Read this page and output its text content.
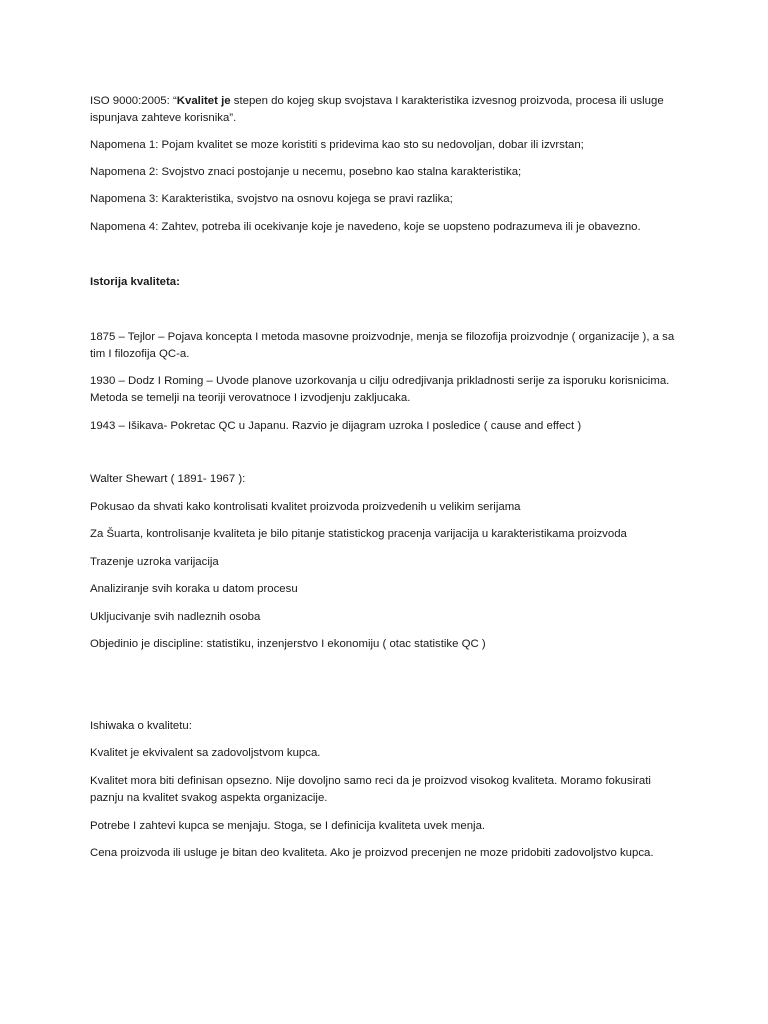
ISO 9000:2005: “Kvalitet je stepen do kojeg skup svojstava I karakteristika izvesnog proizvoda, procesa ili usluge
ispunjava zahteve korisnika”.
Napomena 1: Pojam kvalitet se moze koristiti s pridevima kao sto su nedovoljan, dobar ili izvrstan;
Napomena 2: Svojstvo znaci postojanje u necemu, posebno kao stalna karakteristika;
Napomena 3: Karakteristika, svojstvo na osnovu kojega se pravi razlika;
Napomena 4: Zahtev, potreba ili ocekivanje koje je navedeno, koje se uopsteno podrazumeva ili je obavezno.
Istorija kvaliteta:
1875 – Tejlor – Pojava koncepta I metoda masovne proizvodnje, menja se filozofija proizvodnje ( organizacije ), a sa
tim I filozofija QC-a.
1930 – Dodz I Roming – Uvode planove uzorkovanja u cilju odredjivanja prikladnosti serije za isporuku korisnicima.
Metoda se temelji na teoriji verovatnoce I izvodjenju zakljucaka.
1943 – Išikava- Pokretac QC u Japanu. Razvio je dijagram uzroka I posledice ( cause and effect )
Walter Shewart ( 1891- 1967 ):
Pokusao da shvati kako kontrolisati kvalitet proizvoda proizvedenih u velikim serijama
Za Šuarta, kontrolisanje kvaliteta je bilo pitanje statistickog pracenja varijacija u karakteristikama proizvoda
Trazenje uzroka varijacija
Analiziranje svih koraka u datom procesu
Ukljucivanje svih nadleznih osoba
Objedinio je discipline: statistiku, inzenjerstvo I ekonomiju ( otac statistike QC )
Ishiwaka o kvalitetu:
Kvalitet je ekvivalent sa zadovoljstvom kupca.
Kvalitet mora biti definisan opsezno. Nije dovoljno samo reci da je proizvod visokog kvaliteta. Moramo fokusirati
paznju na kvalitet svakog aspekta organizacije.
Potrebe I zahtevi kupca se menjaju. Stoga, se I definicija kvaliteta uvek menja.
Cena proizvoda ili usluge je bitan deo kvaliteta. Ako je proizvod precenjen ne moze pridobiti zadovoljstvo kupca.
